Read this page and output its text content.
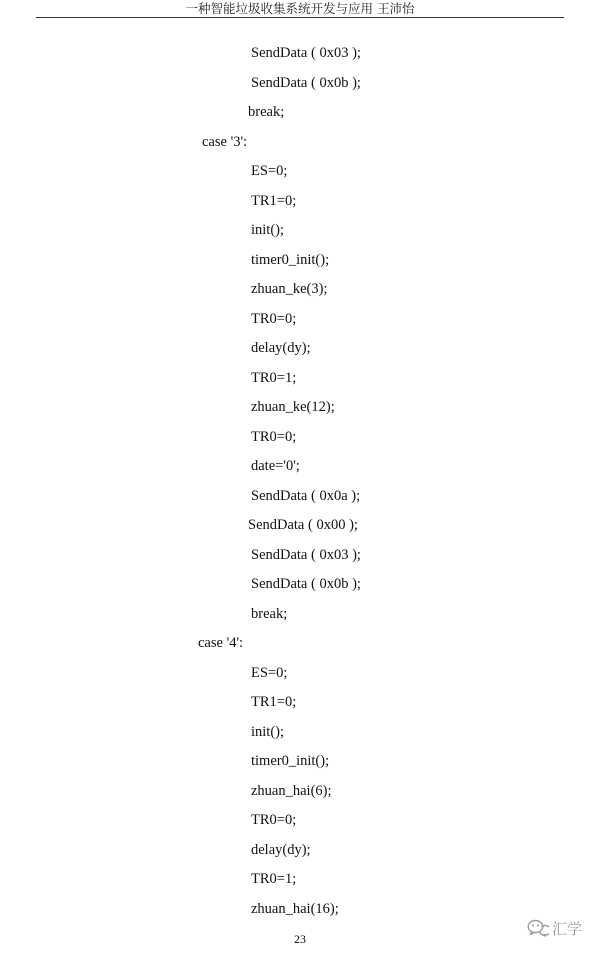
一种智能垃圾收集系统开发与应用 王沛怡
SendData ( 0x03 );
SendData ( 0x0b );
break;
case '3':
ES=0;
TR1=0;
init();
timer0_init();
zhuan_ke(3);
TR0=0;
delay(dy);
TR0=1;
zhuan_ke(12);
TR0=0;
date='0';
SendData ( 0x0a );
SendData ( 0x00 );
SendData ( 0x03 );
SendData ( 0x0b );
break;
case '4':
ES=0;
TR1=0;
init();
timer0_init();
zhuan_hai(6);
TR0=0;
delay(dy);
TR0=1;
zhuan_hai(16);
23
汇学
